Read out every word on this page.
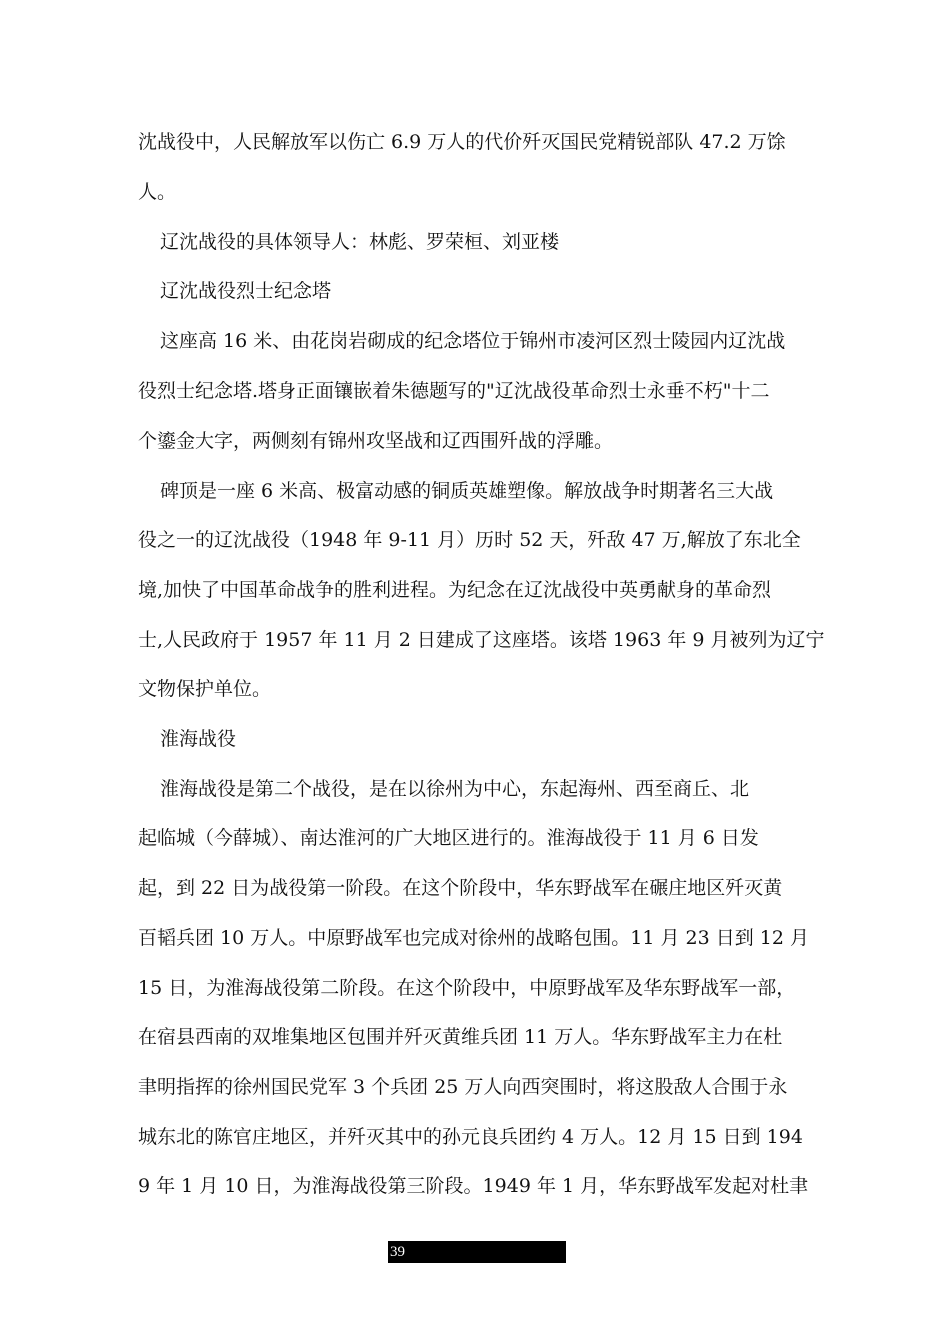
沈战役中，人民解放军以伤亡 6.9 万人的代价歼灭国民党精锐部队 47.2 万馀
人。
辽沈战役的具体领导人：林彪、罗荣桓、刘亚楼
辽沈战役烈士纪念塔
这座高 16 米、由花岗岩砌成的纪念塔位于锦州市凌河区烈士陵园内辽沈战
役烈士纪念塔.塔身正面镶嵌着朱德题写的"辽沈战役革命烈士永垂不朽"十二
个鎏金大字，两侧刻有锦州攻坚战和辽西围歼战的浮雕。
碑顶是一座 6 米高、极富动感的铜质英雄塑像。解放战争时期著名三大战
役之一的辽沈战役（1948 年 9-11 月）历时 52 天，歼敌 47 万,解放了东北全
境,加快了中国革命战争的胜利进程。为纪念在辽沈战役中英勇献身的革命烈
士,人民政府于 1957 年 11 月 2 日建成了这座塔。该塔 1963 年 9 月被列为辽宁
文物保护单位。
淮海战役
淮海战役是第二个战役，是在以徐州为中心，东起海州、西至商丘、北
起临城（今薛城）、南达淮河的广大地区进行的。淮海战役于 11 月 6 日发
起，到 22 日为战役第一阶段。在这个阶段中，华东野战军在碾庄地区歼灭黄
百韬兵团 10 万人。中原野战军也完成对徐州的战略包围。11 月 23 日到 12 月
15 日，为淮海战役第二阶段。在这个阶段中，中原野战军及华东野战军一部，
在宿县西南的双堆集地区包围并歼灭黄维兵团 11 万人。华东野战军主力在杜
聿明指挥的徐州国民党军 3 个兵团 25 万人向西突围时，将这股敌人合围于永
城东北的陈官庄地区，并歼灭其中的孙元良兵团约 4 万人。12 月 15 日到 194
9 年 1 月 10 日，为淮海战役第三阶段。1949 年 1 月，华东野战军发起对杜聿
39
